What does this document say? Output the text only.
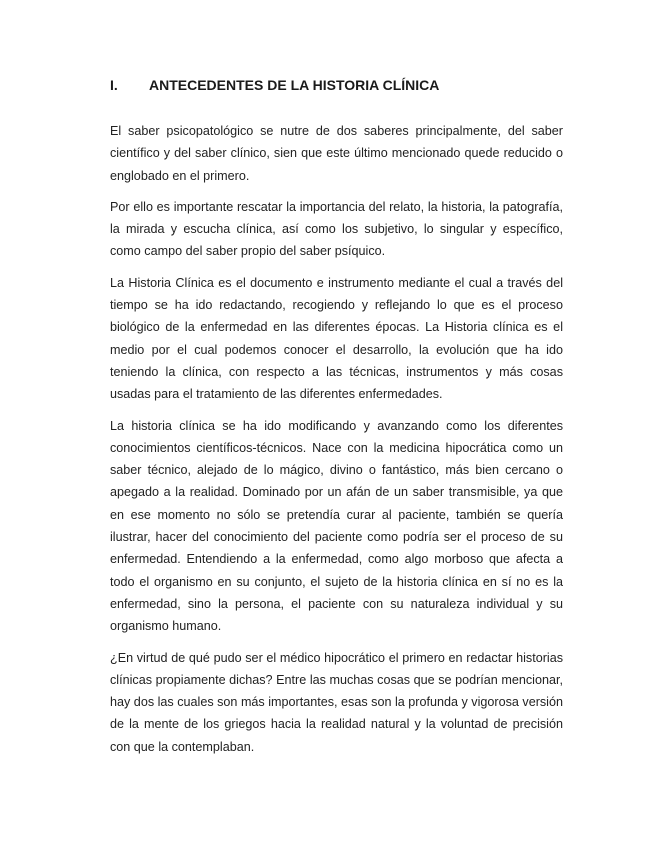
I. ANTECEDENTES DE LA HISTORIA CLÍNICA

El saber psicopatológico se nutre de dos saberes principalmente, del saber científico y del saber clínico, sien que este último mencionado quede reducido o englobado en el primero.

Por ello es importante rescatar la importancia del relato, la historia, la patografía, la mirada y escucha clínica, así como los subjetivo, lo singular y específico, como campo del saber propio del saber psíquico.

La Historia Clínica es el documento e instrumento mediante el cual a través del tiempo se ha ido redactando, recogiendo y reflejando lo que es el proceso biológico de la enfermedad en las diferentes épocas. La Historia clínica es el medio por el cual podemos conocer el desarrollo, la evolución que ha ido teniendo la clínica, con respecto a las técnicas, instrumentos y más cosas usadas para el tratamiento de las diferentes enfermedades.

La historia clínica se ha ido modificando y avanzando como los diferentes conocimientos científicos-técnicos. Nace con la medicina hipocrática como un saber técnico, alejado de lo mágico, divino o fantástico, más bien cercano o apegado a la realidad. Dominado por un afán de un saber transmisible, ya que en ese momento no sólo se pretendía curar al paciente, también se quería ilustrar, hacer del conocimiento del paciente como podría ser el proceso de su enfermedad. Entendiendo a la enfermedad, como algo morboso que afecta a todo el organismo en su conjunto, el sujeto de la historia clínica en sí no es la enfermedad, sino la persona, el paciente con su naturaleza individual y su organismo humano.

¿En virtud de qué pudo ser el médico hipocrático el primero en redactar historias clínicas propiamente dichas? Entre las muchas cosas que se podrían mencionar, hay dos las cuales son más importantes, esas son la profunda y vigorosa versión de la mente de los griegos hacia la realidad natural y la voluntad de precisión con que la contemplaban.
